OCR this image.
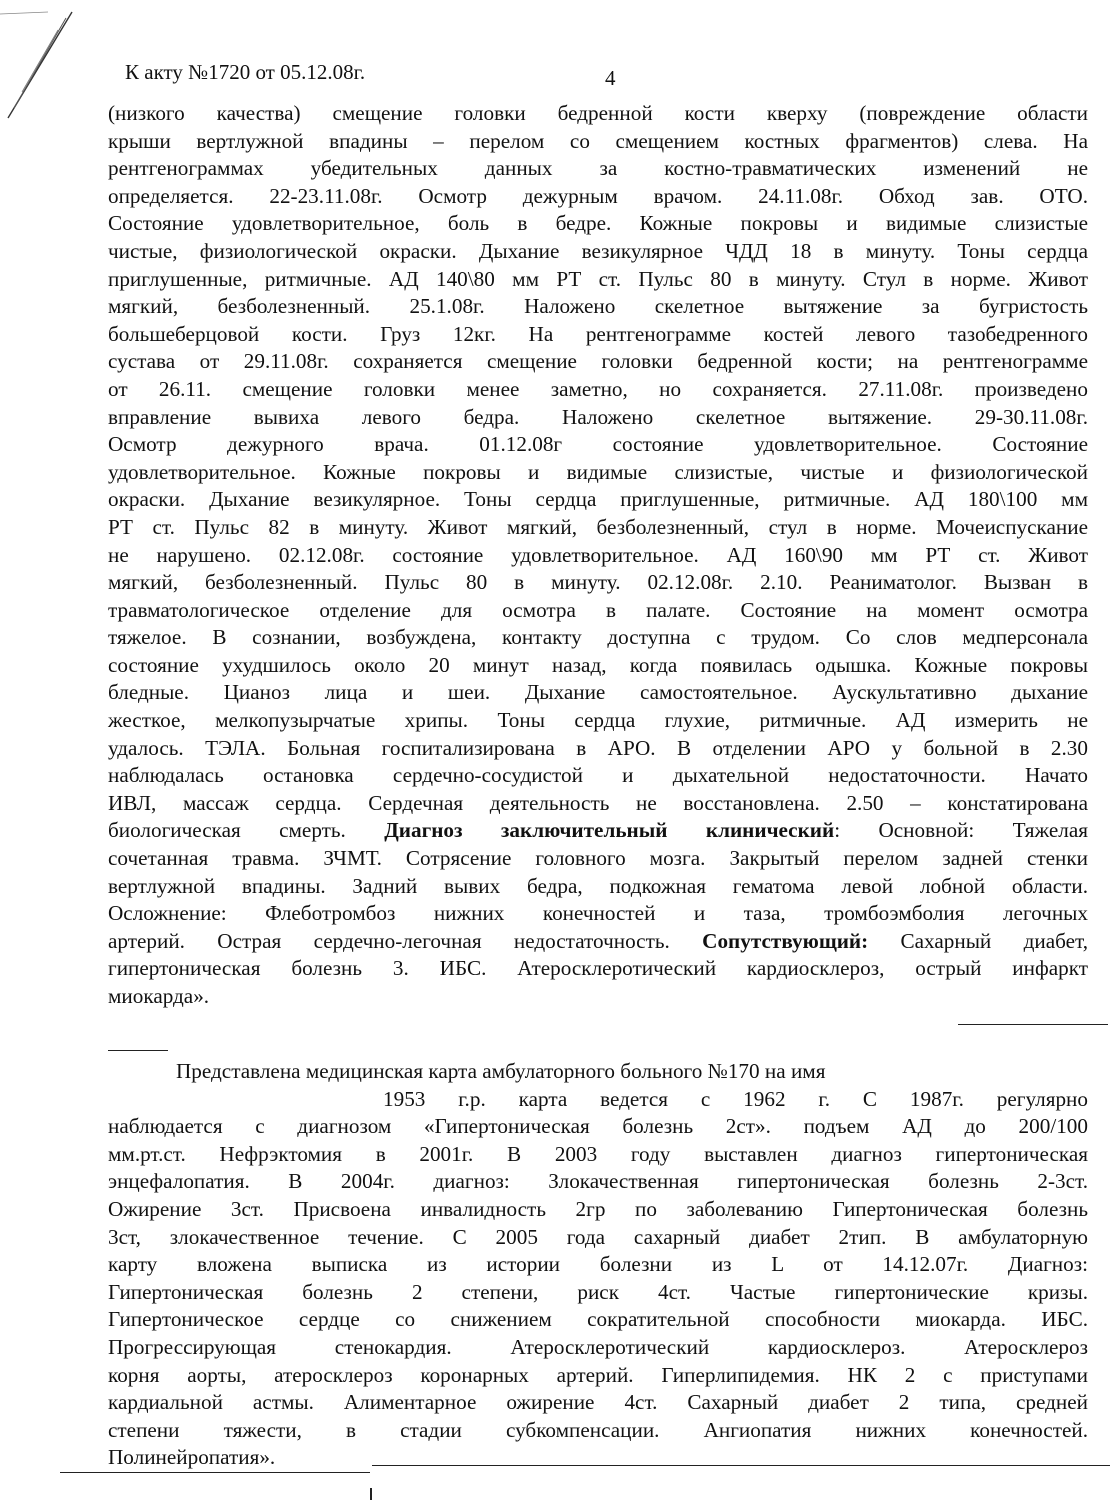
К акту №1720 от 05.12.08г.	4
(низкого качества) смещение головки бедренной кости кверху (повреждение области
крыши вертлужной впадины – перелом со смещением костных фрагментов) слева. На
рентгенограммах убедительных данных за костно-травматических изменений не
определяется. 22-23.11.08г. Осмотр дежурным врачом. 24.11.08г. Обход зав. ОТО.
Состояние удовлетворительное, боль в бедре. Кожные покровы и видимые слизистые
чистые, физиологической окраски. Дыхание везикулярное ЧДД 18 в минуту. Тоны сердца
приглушенные, ритмичные. АД 140\80 мм РТ ст. Пульс 80 в минуту. Стул в норме. Живот
мягкий, безболезненный. 25.1.08г. Наложено скелетное вытяжение за бугристость
большеберцовой кости. Груз 12кг. На рентгенограмме костей левого тазобедренного
сустава от 29.11.08г. сохраняется смещение головки бедренной кости; на рентгенограмме
от 26.11. смещение головки менее заметно, но сохраняется. 27.11.08г. произведено
вправление вывиха левого бедра. Наложено скелетное вытяжение. 29-30.11.08г.
Осмотр дежурного врача. 01.12.08г состояние удовлетворительное. Состояние
удовлетворительное. Кожные покровы и видимые слизистые, чистые и физиологической
окраски. Дыхание везикулярное. Тоны сердца приглушенные, ритмичные. АД 180\100 мм
РТ ст. Пульс 82 в минуту. Живот мягкий, безболезненный, стул в норме. Мочеиспускание
не нарушено. 02.12.08г. состояние удовлетворительное. АД 160\90 мм РТ ст. Живот
мягкий, безболезненный. Пульс 80 в минуту. 02.12.08г. 2.10. Реаниматолог. Вызван в
травматологическое отделение для осмотра в палате. Состояние на момент осмотра
тяжелое. В сознании, возбуждена, контакту доступна с трудом. Со слов медперсонала
состояние ухудшилось около 20 минут назад, когда появилась одышка. Кожные покровы
бледные. Цианоз лица и шеи. Дыхание самостоятельное. Аускультативно дыхание
жесткое, мелкопузырчатые хрипы. Тоны сердца глухие, ритмичные. АД измерить не
удалось. ТЭЛА. Больная госпитализирована в АРО. В отделении АРО у больной в 2.30
наблюдалась остановка сердечно-сосудистой и дыхательной недостаточности. Начато
ИВЛ, массаж сердца. Сердечная деятельность не восстановлена. 2.50 – констатирована
биологическая смерть. Диагноз заключительный клинический: Основной: Тяжелая
сочетанная травма. ЗЧМТ. Сотрясение головного мозга. Закрытый перелом задней стенки
вертлужной впадины. Задний вывих бедра, подкожная гематома левой лобной области.
Осложнение: Флеботромбоз нижних конечностей и таза, тромбоэмболия легочных
артерий. Острая сердечно-легочная недостаточность. Сопутствующий: Сахарный диабет,
гипертоническая болезнь 3. ИБС. Атеросклеротический кардиосклероз, острый инфаркт
миокарда».
Представлена медицинская карта амбулаторного больного №170 на имя
1953 г.р. карта ведется с 1962 г. С 1987г. регулярно
наблюдается с диагнозом «Гипертоническая болезнь 2ст». подъем АД до 200/100
мм.рт.ст. Нефрэктомия в 2001г. В 2003 году выставлен диагноз гипертоническая
энцефалопатия. В 2004г. диагноз: Злокачественная гипертоническая болезнь 2-3ст.
Ожирение 3ст. Присвоена инвалидность 2гр по заболеванию Гипертоническая болезнь
3ст, злокачественное течение. С 2005 года сахарный диабет 2тип. В амбулаторную
карту вложена выписка из истории болезни из L от 14.12.07г. Диагноз:
Гипертоническая болезнь 2 степени, риск 4ст. Частые гипертонические кризы.
Гипертоническое сердце со снижением сократительной способности миокарда. ИБС.
Прогрессирующая стенокардия. Атеросклеротический кардиосклероз. Атеросклероз
корня аорты, атеросклероз коронарных артерий. Гиперлипидемия. НК 2 с приступами
кардиальной астмы. Алиментарное ожирение 4ст. Сахарный диабет 2 типа, средней
степени тяжести, в стадии субкомпенсации. Ангиопатия нижних конечностей.
Полинейропатия».
